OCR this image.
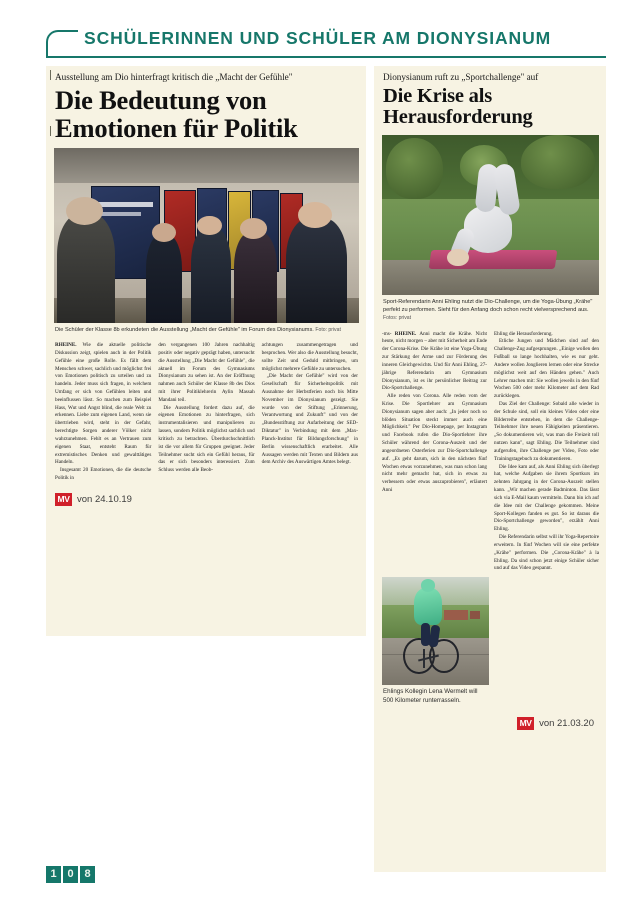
SCHÜLERINNEN UND SCHÜLER AM DIONYSIANUM
Ausstellung am Dio hinterfragt kritisch die „Macht der Gefühle"
Die Bedeutung von Emotionen für Politik
Die Schüler der Klasse 8b erkundeten die Ausstellung „Macht der Gefühle" im Forum des Dionysianums. Foto: privat

RHEINE. Wie die aktuelle politische Diskussion zeigt, spielen auch in der Politik Gefühle eine große Rolle. Es fällt dem Menschen schwer, sachlich und möglichst frei von Emotionen politisch zu urteilen und zu handeln. Jeder muss sich fragen, in welchem Umfang er sich von Gefühlen leiten und beeinflussen lässt. So machen zum Beispiel Hass, Wut und Angst blind, die reale Welt zu erkennen. Liebe zum eigenen Land, wenn sie übertrieben wird, steht in der Gefahr, berechtigte Sorgen anderer Völker nicht wahrzunehmen. Fehlt es an Vertrauen zum eigenen Staat, entsteht Raum für extremistisches Denken und gewalttätiges Handeln.

Insgesamt 20 Emotionen, die die deutsche Politik in

den vergangenen 100 Jahren nachhaltig positiv oder negativ geprägt haben, untersucht die Ausstellung „Die Macht der Gefühle", die aktuell im Forum des Gymnasiums Dionysianum zu sehen ist. An der Eröffnung nahmen auch Schüler der Klasse 8b des Dios mit ihrer Politiklehrerin Aylin Massah Mandani teil.

Die Ausstellung fordert dazu auf, die eigenen Emotionen zu hinterfragen, sich instrumentalisieren und manipulieren zu lassen, sondern Politik möglichst sachlich und kritisch zu betrachten. Überdurchschnittlich ist die vor allem für Gruppen geeignet. Jeder Teilnehmer sucht sich ein Gefühl heraus, für das er sich besonders interessiert. Zum Schluss werden alle Beob-

achtungen zusammengetragen und besprochen. Wer also die Ausstellung besucht, sollte Zeit und Geduld mitbringen, um möglichst mehrere Gefühle zu untersuchen.

„Die Macht der Gefühle" wird von der Gesellschaft für Sicherheitspolitik mit Ausnahme der Herbstferien noch bis Mitte November im Dionysianum gezeigt. Sie wurde von der Stiftung „Erinnerung, Verantwortung und Zukunft" und von der „Bundesstiftung zur Aufarbeitung der SED-Diktatur" in Verbindung mit dem „Max-Planck-Institut für Bildungsforschung" in Berlin wissenschaftlich erarbeitet. Alle Aussagen werden mit Texten und Bildern aus dem Archiv des Auswärtigen Amtes belegt.

MV von 24.10.19
Dionysianum ruft zu „Sportchallenge" auf
Die Krise als Herausforderung
Sport-Referendarin Anni Ehling nutzt die Dio-Challenge, um die Yoga-Übung „Krähe" perfekt zu performen. Sieht für den Anfang doch schon recht vielversprechend aus. Fotos: privat

-ms- RHEINE. Anni macht die Krähe. Nicht heute, nicht morgen – aber mit Sicherheit am Ende der Corona-Krise. Die Krähe ist eine Yoga-Übung zur Stärkung der Arme und zur Förderung des inneren Gleichgewichts. Und für Anni Ehling, 27-jährige Referendarin am Gymnasium Dionysianum, ist es ihr persönlicher Beitrag zur Dio-Sportchallenge.

Alle reden von Corona. Alle reden vom der Krise. Die Sportlehrer am Gymnasium Dionysianum sagen aber auch: „In jeder noch so blöden Situation steckt immer auch eine Möglichkeit." Per Dio-Homepage, per Instagram und Facebook rufen die Dio-Sportlehrer ihre Schüler während der Corona-Auszeit und der angeordneten Osterferien zur Dio-Sportchallenge auf. „Es geht darum, sich in den nächsten fünf Wochen etwas vorzunehmen, was man schon lang nicht mehr gemacht hat, sich in etwas zu verbessern oder etwas auszuprobieren", erläutert Anni

Ehling die Herausforderung.

Etliche Jungen und Mädchen sind auf den Challenge-Zug aufgesprungen. „Einige wollen den Fußball so lange hochhalten, wie es nur geht. Andere wollen Jonglieren lernen oder eine Strecke möglichst weit auf den Händen gehen." Auch Lehrer machen mit: Sie wollen jeweils in den fünf Wochen 500 oder mehr Kilometer auf dem Rad zurücklegen.

Das Ziel der Challenge: Sobald alle wieder in der Schule sind, soll ein kleines Video oder eine Bilderreihe entstehen, in dem die Challenge-Teilnehmer ihre neuen Fähigkeiten präsentieren. „So dokumentieren wir, was man die Freizeit toll nutzen kann", sagt Ehling. Die Teilnehmer sind aufgerufen, ihre Challenge per Video, Foto oder Trainingstagebuch zu dokumentieren.

Die Idee kam auf, als Anni Ehling sich überlegt hat, welche Aufgaben sie ihrem Sportkurs im zehnten Jahrgang in der Corona-Auszeit stellen kann. „Wir machen gerade Badminton. Das lässt sich via E-Mail kaum vermitteln. Dann bin ich auf die Idee mit der Challenge gekommen. Meine Sport-Kollegen fanden es gut. So ist daraus die Dio-Sportchallenge geworden", erzählt Anni Ehling.

Die Referendarin selbst will ihr Yoga-Repertoire erweitern. In fünf Wochen will sie eine perfekte „Krähe" performen. Die „Corona-Krähe" à la Ehling. Da sind schon jetzt einige Schüler sicher und auf das Video gespannt.

Ehlings Kollegin Lena Wermelt will 500 Kilometer runterrasseln.
MV von 21.03.20
1 0 8
